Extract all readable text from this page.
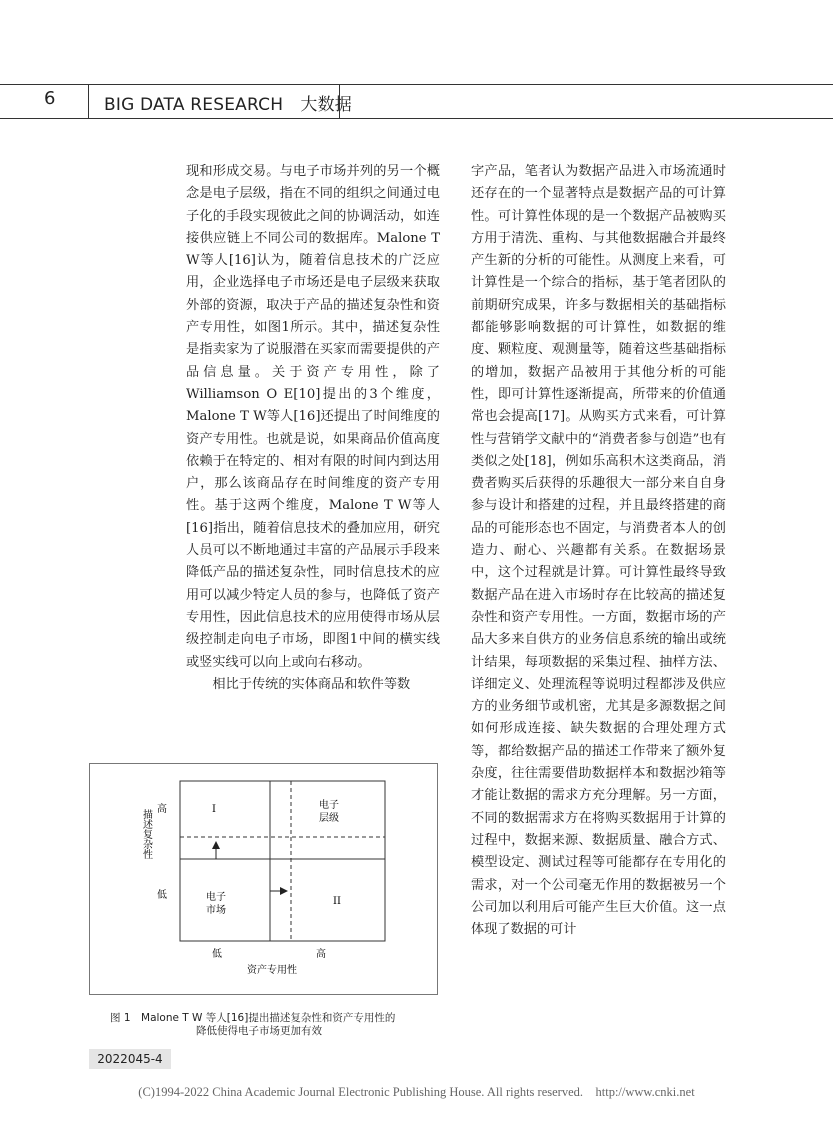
6	BIG DATA RESEARCH　大数据

现和形成交易。与电子市场并列的另一个概念是电子层级，指在不同的组织之间通过电子化的手段实现彼此之间的协调活动，如连接供应链上不同公司的数据库。Malone T W等人[16]认为，随着信息技术的广泛应用，企业选择电子市场还是电子层级来获取外部的资源，取决于产品的描述复杂性和资产专用性，如图1所示。其中，描述复杂性是指卖家为了说服潜在买家而需要提供的产品信息量。关于资产专用性，除了Williamson O E[10]提出的3个维度，Malone T W等人[16]还提出了时间维度的资产专用性。也就是说，如果商品价值高度依赖于在特定的、相对有限的时间内到达用户，那么该商品存在时间维度的资产专用性。基于这两个维度，Malone T W等人[16]指出，随着信息技术的叠加应用，研究人员可以不断地通过丰富的产品展示手段来降低产品的描述复杂性，同时信息技术的应用可以减少特定人员的参与，也降低了资产专用性，因此信息技术的应用使得市场从层级控制走向电子市场，即图1中间的横实线或竖实线可以向上或向右移动。

相比于传统的实体商品和软件等数

字产品，笔者认为数据产品进入市场流通时还存在的一个显著特点是数据产品的可计算性。可计算性体现的是一个数据产品被购买方用于清洗、重构、与其他数据融合并最终产生新的分析的可能性。从测度上来看，可计算性是一个综合的指标，基于笔者团队的前期研究成果，许多与数据相关的基础指标都能够影响数据的可计算性，如数据的维度、颗粒度、观测量等，随着这些基础指标的增加，数据产品被用于其他分析的可能性，即可计算性逐渐提高，所带来的价值通常也会提高[17]。从购买方式来看，可计算性与营销学文献中的“消费者参与创造”也有类似之处[18]，例如乐高积木这类商品，消费者购买后获得的乐趣很大一部分来自自身参与设计和搭建的过程，并且最终搭建的商品的可能形态也不固定，与消费者本人的创造力、耐心、兴趣都有关系。在数据场景中，这个过程就是计算。可计算性最终导致数据产品在进入市场时存在比较高的描述复杂性和资产专用性。一方面，数据市场的产品大多来自供方的业务信息系统的输出或统计结果，每项数据的采集过程、抽样方法、详细定义、处理流程等说明过程都涉及供应方的业务细节或机密，尤其是多源数据之间如何形成连接、缺失数据的合理处理方式等，都给数据产品的描述工作带来了额外复杂度，往往需要借助数据样本和数据沙箱等才能让数据的需求方充分理解。另一方面，不同的数据需求方在将购买数据用于计算的过程中，数据来源、数据质量、融合方式、模型设定、测试过程等可能都存在专用化的需求，对一个公司毫无作用的数据被另一个公司加以利用后可能产生巨大价值。这一点体现了数据的可计

高
低
描述复杂性
低	高
资产专用性
I	电子
层级
电子
市场
II
图 1　Malone T W 等人[16]提出描述复杂性和资产专用性的
降低使得电子市场更加有效
2022045-4
(C)1994-2022 China Academic Journal Electronic Publishing House. All rights reserved.　http://www.cnki.net
